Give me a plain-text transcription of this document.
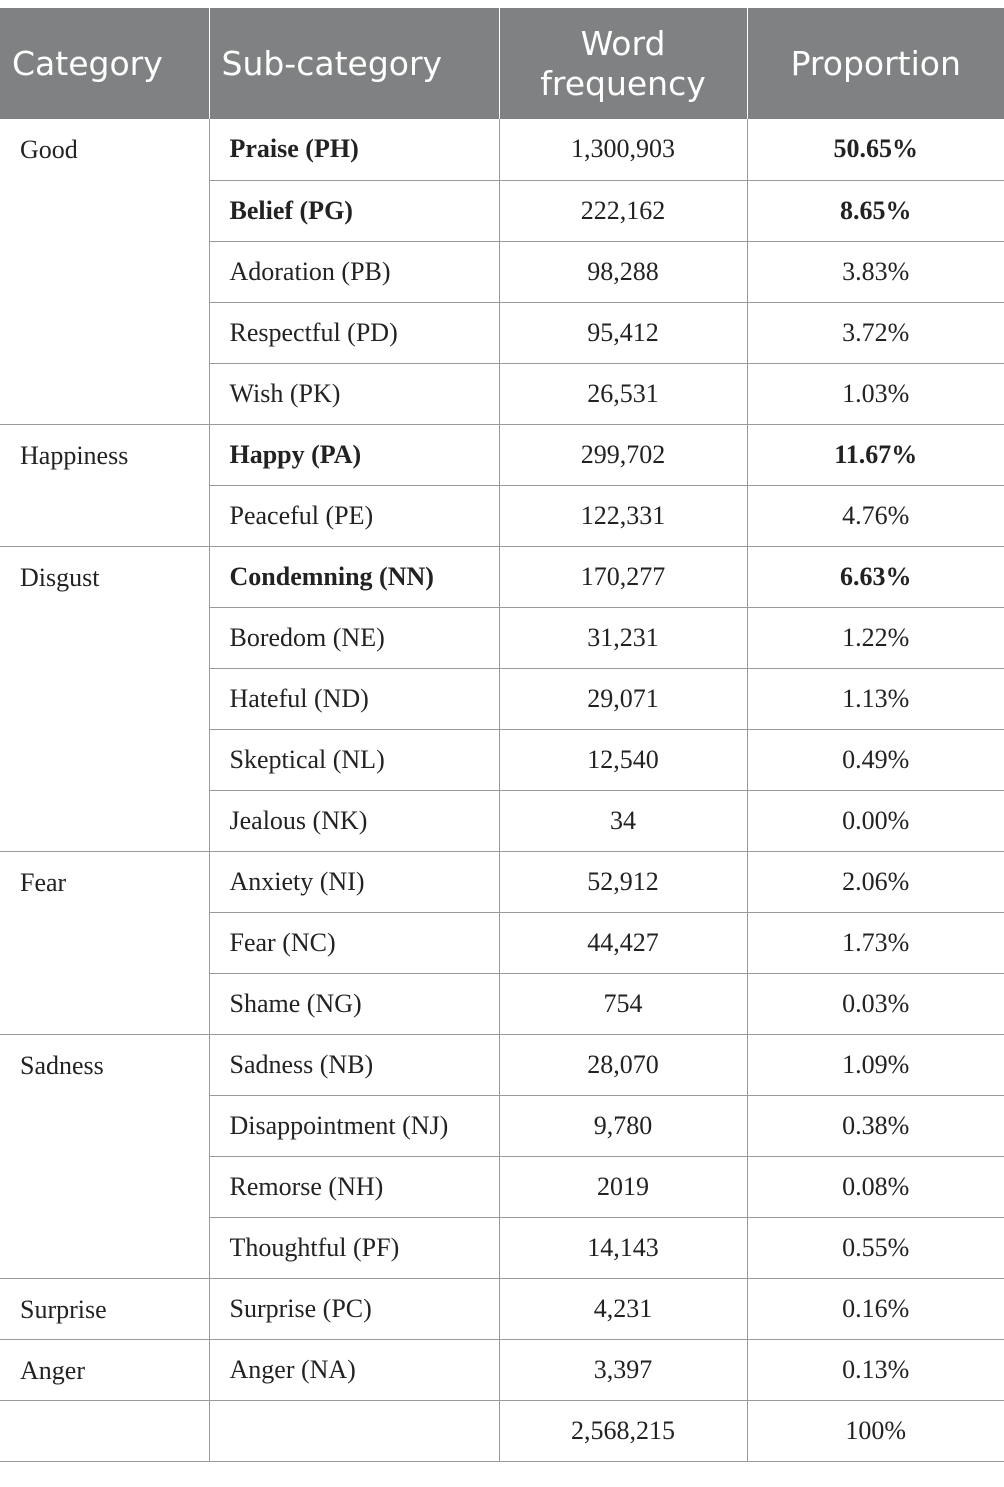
Category	Sub-category	Word frequency	Proportion
Good	Praise (PH)	1,300,903	50.65%
	Belief (PG)	222,162	8.65%
	Adoration (PB)	98,288	3.83%
	Respectful (PD)	95,412	3.72%
	Wish (PK)	26,531	1.03%
Happiness	Happy (PA)	299,702	11.67%
	Peaceful (PE)	122,331	4.76%
Disgust	Condemning (NN)	170,277	6.63%
	Boredom (NE)	31,231	1.22%
	Hateful (ND)	29,071	1.13%
	Skeptical (NL)	12,540	0.49%
	Jealous (NK)	34	0.00%
Fear	Anxiety (NI)	52,912	2.06%
	Fear (NC)	44,427	1.73%
	Shame (NG)	754	0.03%
Sadness	Sadness (NB)	28,070	1.09%
	Disappointment (NJ)	9,780	0.38%
	Remorse (NH)	2019	0.08%
	Thoughtful (PF)	14,143	0.55%
Surprise	Surprise (PC)	4,231	0.16%
Anger	Anger (NA)	3,397	0.13%
		2,568,215	100%
